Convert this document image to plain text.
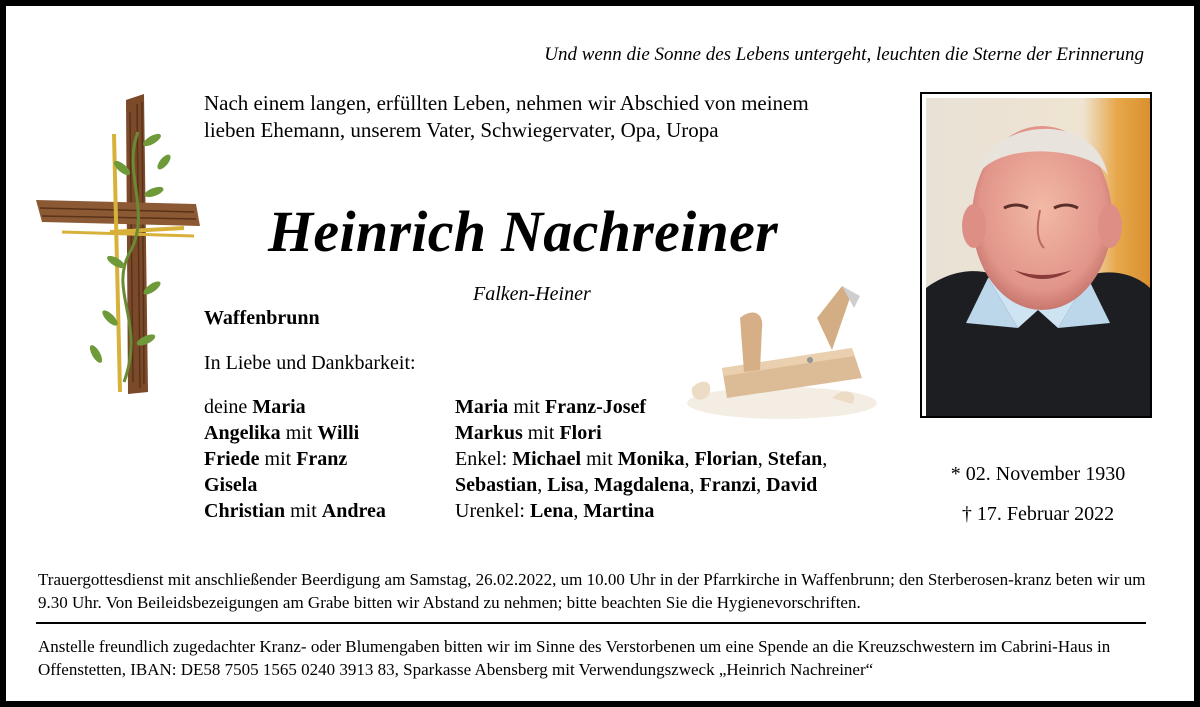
Und wenn die Sonne des Lebens untergeht, leuchten die Sterne der Erinnerung
Nach einem langen, erfüllten Leben, nehmen wir Abschied von meinem
lieben Ehemann, unserem Vater, Schwiegervater, Opa, Uropa
Heinrich Nachreiner
Falken-Heiner
Waffenbrunn
In Liebe und Dankbarkeit:
deine Maria
Angelika mit Willi
Friede mit Franz
Gisela
Christian mit Andrea
Maria mit Franz-Josef
Markus mit Flori
Enkel: Michael mit Monika, Florian, Stefan,
Sebastian, Lisa, Magdalena, Franzi, David
Urenkel: Lena, Martina
* 02. November 1930
† 17. Februar 2022
Trauergottesdienst mit anschließender Beerdigung am Samstag, 26.02.2022, um 10.00 Uhr in der Pfarrkirche in Waffenbrunn; den Sterberosen-kranz beten wir um 9.30 Uhr. Von Beileidsbezeigungen am Grabe bitten wir Abstand zu nehmen; bitte beachten Sie die Hygienevorschriften.
Anstelle freundlich zugedachter Kranz- oder Blumengaben bitten wir im Sinne des Verstorbenen um eine Spende an die Kreuzschwestern im Cabrini-Haus in Offenstetten, IBAN: DE58 7505 1565 0240 3913 83, Sparkasse Abensberg mit Verwendungszweck „Heinrich Nachreiner“
